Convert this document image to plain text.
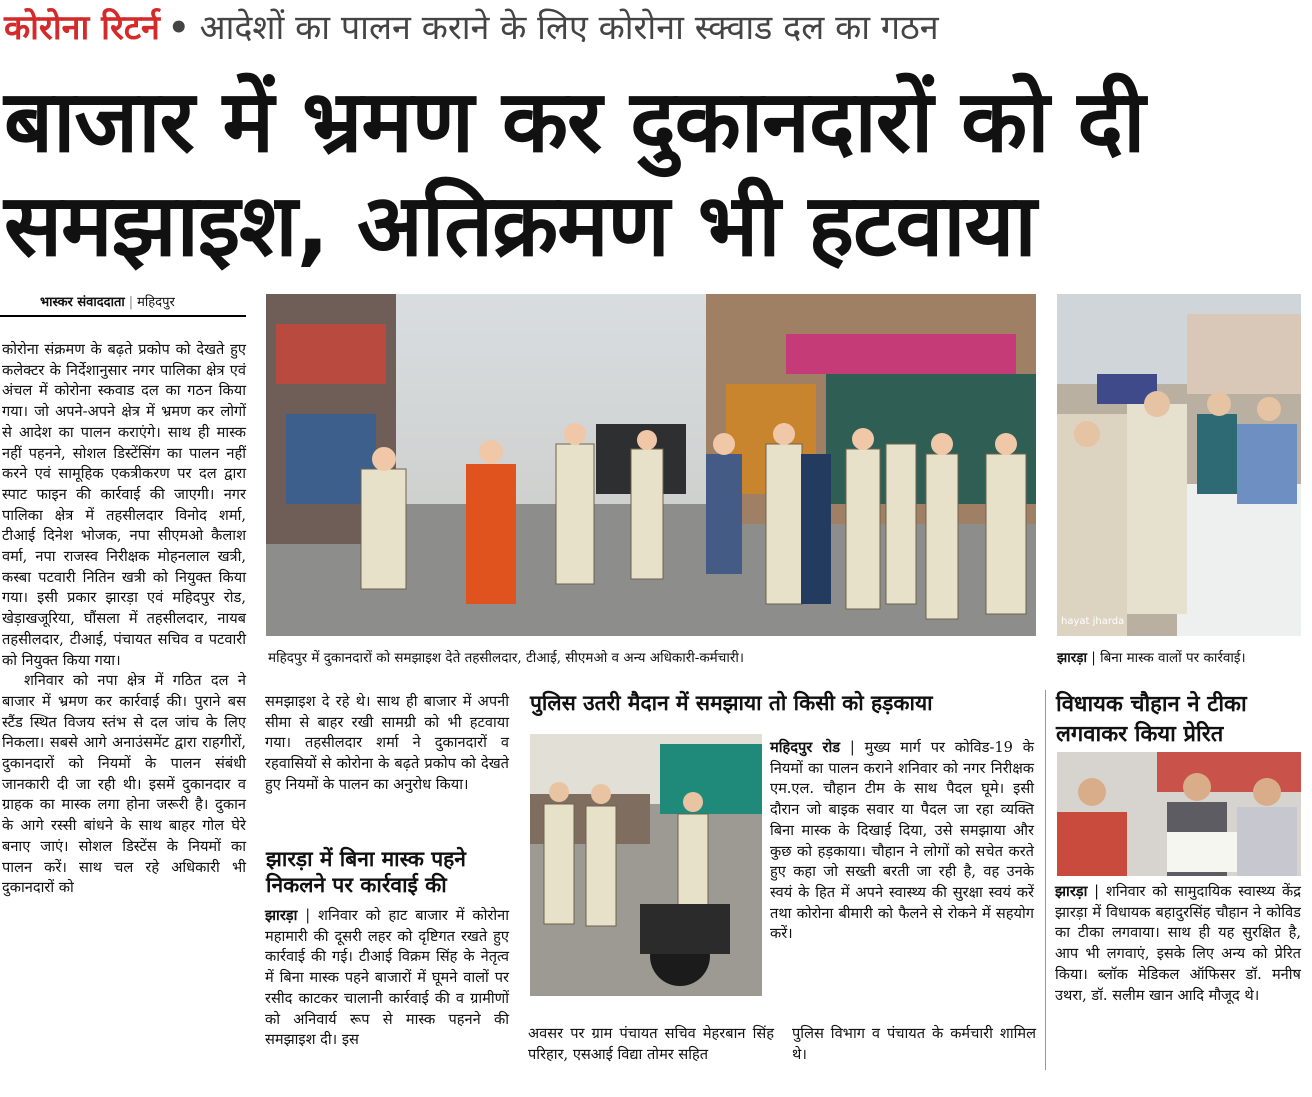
कोरोना रिटर्न • आदेशों का पालन कराने के लिए कोरोना स्क्वाड दल का गठन
बाजार में भ्रमण कर दुकानदारों को दी
समझाइश, अतिक्रमण भी हटवाया
भास्कर संवाददाता | महिदपुर

कोरोना संक्रमण के बढ़ते प्रकोप को देखते हुए कलेक्टर के निर्देशानुसार नगर पालिका क्षेत्र एवं अंचल में कोरोना स्कवाड दल का गठन किया गया। जो अपने-अपने क्षेत्र में भ्रमण कर लोगों से आदेश का पालन कराएंगे। साथ ही मास्क नहीं पहनने, सोशल डिस्टेंसिंग का पालन नहीं करने एवं सामूहिक एकत्रीकरण पर दल द्वारा स्पाट फाइन की कार्रवाई की जाएगी। नगर पालिका क्षेत्र में तहसीलदार विनोद शर्मा, टीआई दिनेश भोजक, नपा सीएमओ कैलाश वर्मा, नपा राजस्व निरीक्षक मोहनलाल खत्री, कस्बा पटवारी नितिन खत्री को नियुक्त किया गया। इसी प्रकार झारड़ा एवं महिदपुर रोड, खेड़ाखजूरिया, घौंसला में तहसीलदार, नायब तहसीलदार, टीआई, पंचायत सचिव व पटवारी को नियुक्त किया गया।

शनिवार को नपा क्षेत्र में गठित दल ने बाजार में भ्रमण कर कार्रवाई की। पुराने बस स्टैंड स्थित विजय स्तंभ से दल जांच के लिए निकला। सबसे आगे अनाउंसमेंट द्वारा राहगीरों, दुकानदारों को नियमों के पालन संबंधी जानकारी दी जा रही थी। इसमें दुकानदार व ग्राहक का मास्क लगा होना जरूरी है। दुकान के आगे रस्सी बांधने के साथ बाहर गोल घेरे बनाए जाएं। सोशल डिस्टेंस के नियमों का पालन करें। साथ चल रहे अधिकारी भी दुकानदारों को

महिदपुर में दुकानदारों को समझाइश देते तहसीलदार, टीआई, सीएमओ व अन्य अधिकारी-कर्मचारी।
hayat jharda
झारड़ा | बिना मास्क वालों पर कार्रवाई।
समझाइश दे रहे थे। साथ ही बाजार में अपनी सीमा से बाहर रखी सामग्री को भी हटवाया गया। तहसीलदार शर्मा ने दुकानदारों व रहवासियों से कोरोना के बढ़ते प्रकोप को देखते हुए नियमों के पालन का अनुरोध किया।
झारड़ा में बिना मास्क पहने निकलने पर कार्रवाई की
झारड़ा | शनिवार को हाट बाजार में कोरोना महामारी की दूसरी लहर को दृष्टिगत रखते हुए कार्रवाई की गई। टीआई विक्रम सिंह के नेतृत्व में बिना मास्क पहने बाजारों में घूमने वालों पर रसीद काटकर चालानी कार्रवाई की व ग्रामीणों को अनिवार्य रूप से मास्क पहनने की समझाइश दी। इस	अवसर पर ग्राम पंचायत सचिव मेहरबान सिंह परिहार, एसआई विद्या तोमर सहित
पुलिस विभाग व पंचायत के कर्मचारी शामिल थे।
पुलिस उतरी मैदान में समझाया तो किसी को हड़काया
महिदपुर रोड | मुख्य मार्ग पर कोविड-19 के नियमों का पालन कराने शनिवार को नगर निरीक्षक एम.एल. चौहान टीम के साथ पैदल घूमे। इसी दौरान जो बाइक सवार या पैदल जा रहा व्यक्ति बिना मास्क के दिखाई दिया, उसे समझाया और कुछ को हड़काया। चौहान ने लोगों को सचेत करते हुए कहा जो सख्ती बरती जा रही है, वह उनके स्वयं के हित में अपने स्वास्थ्य की सुरक्षा स्वयं करें तथा कोरोना बीमारी को फैलने से रोकने में सहयोग करें।
विधायक चौहान ने टीका लगवाकर किया प्रेरित
झारड़ा | शनिवार को सामुदायिक स्वास्थ्य केंद्र झारड़ा में विधायक बहादुरसिंह चौहान ने कोविड का टीका लगवाया। साथ ही यह सुरक्षित है, आप भी लगवाएं, इसके लिए अन्य को प्रेरित किया। ब्लॉक मेडिकल ऑफिसर डॉ. मनीष उथरा, डॉ. सलीम खान आदि मौजूद थे।
